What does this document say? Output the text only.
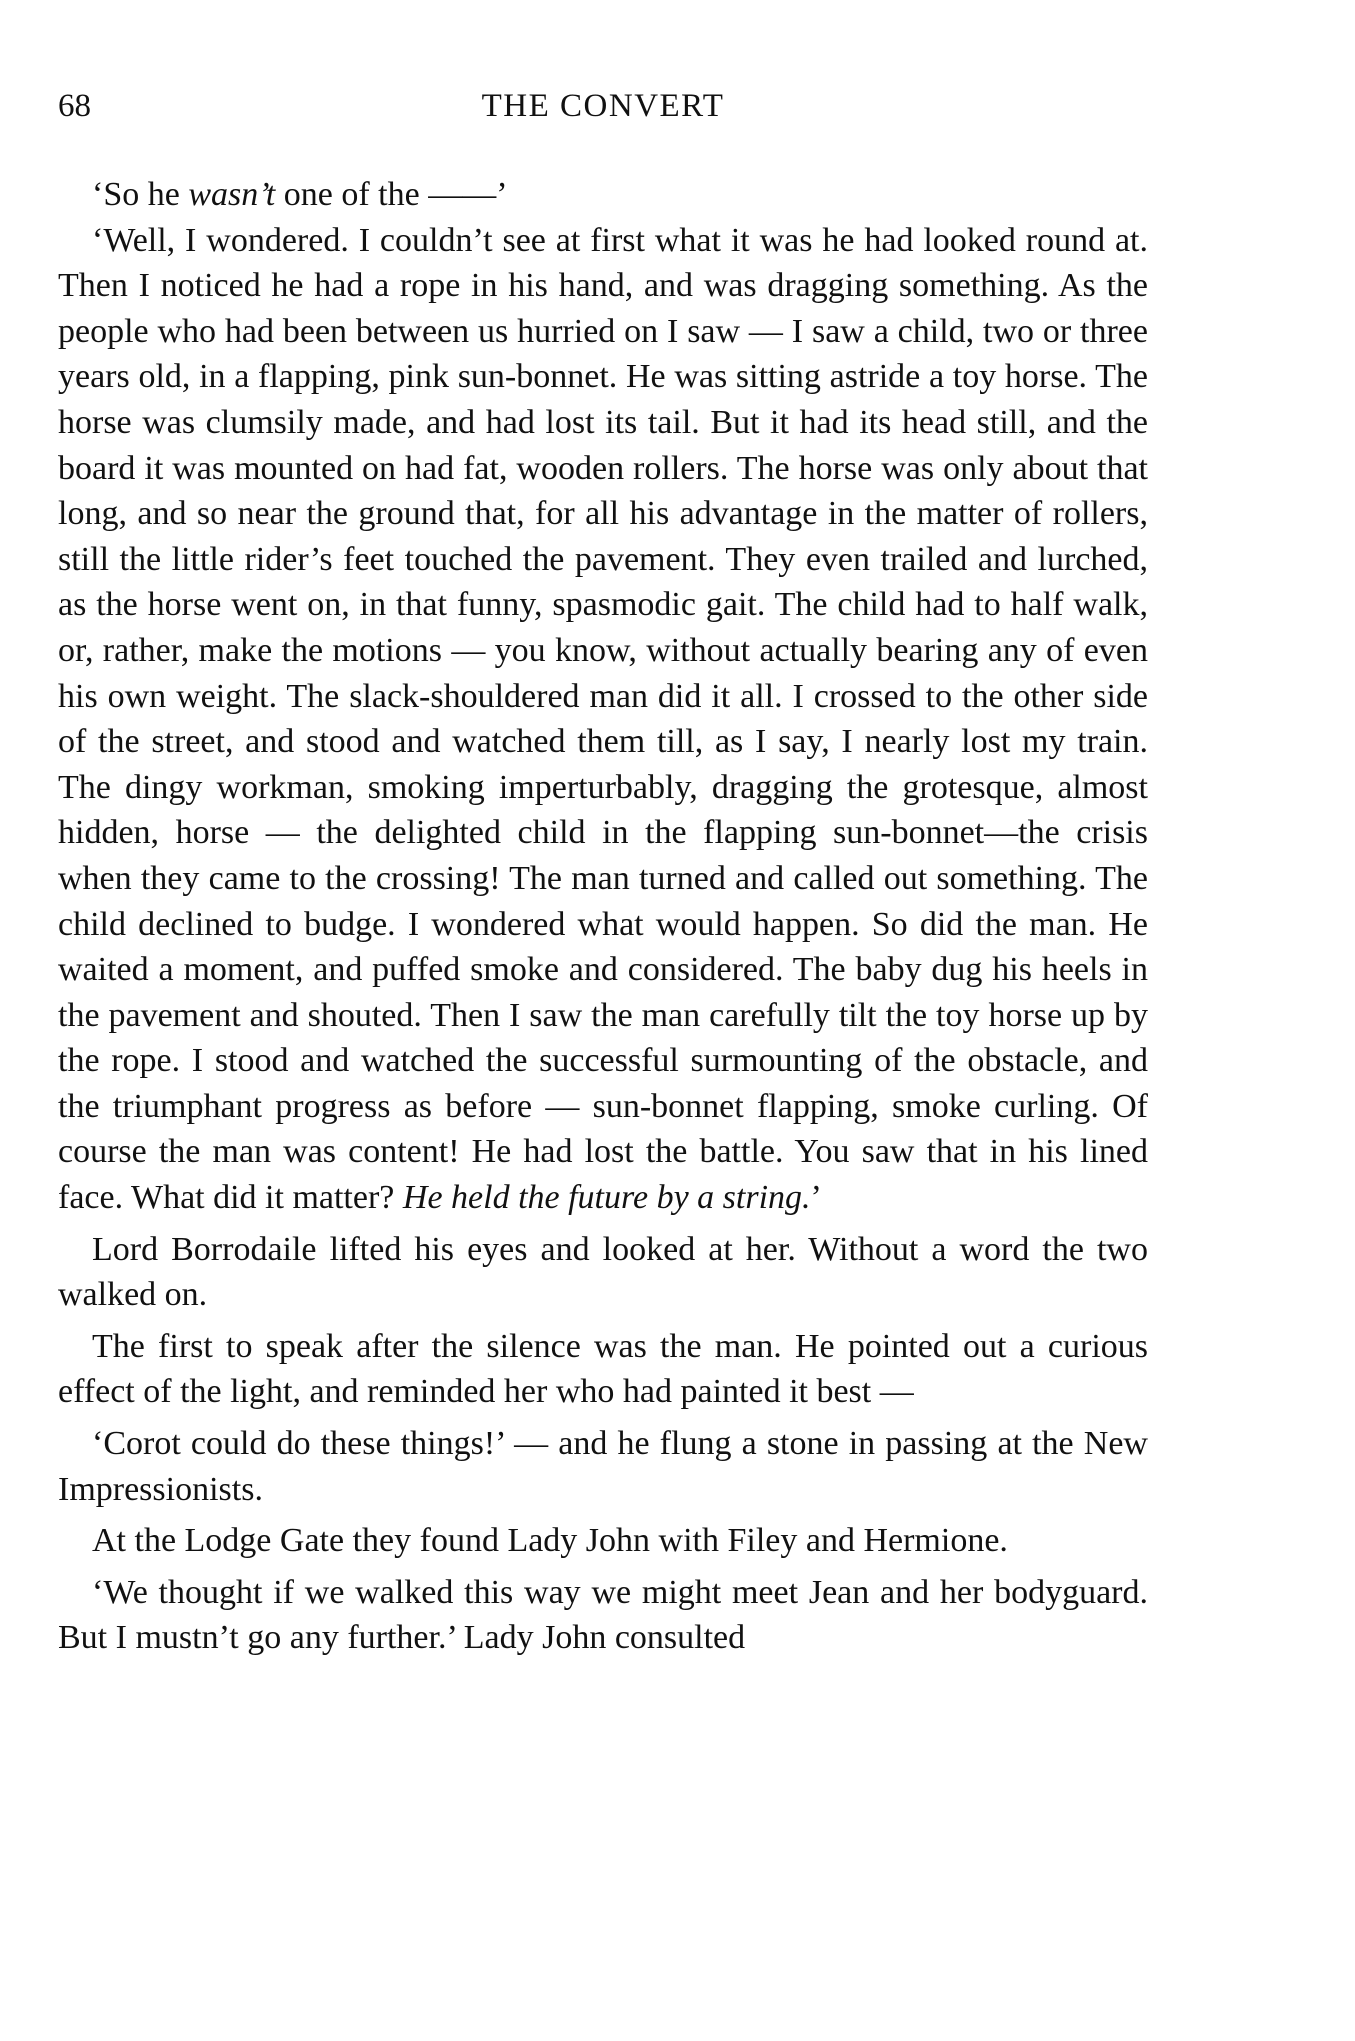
68	THE CONVERT

‘So he wasn’t one of the ——’

‘Well, I wondered. I couldn’t see at first what it was he had looked round at. Then I noticed he had a rope in his hand, and was dragging something. As the people who had been between us hurried on I saw — I saw a child, two or three years old, in a flapping, pink sun-bonnet. He was sitting astride a toy horse. The horse was clumsily made, and had lost its tail. But it had its head still, and the board it was mounted on had fat, wooden rollers. The horse was only about that long, and so near the ground that, for all his advantage in the matter of rollers, still the little rider’s feet touched the pavement. They even trailed and lurched, as the horse went on, in that funny, spasmodic gait. The child had to half walk, or, rather, make the motions — you know, without actually bearing any of even his own weight. The slack-shouldered man did it all. I crossed to the other side of the street, and stood and watched them till, as I say, I nearly lost my train. The dingy workman, smoking imperturbably, dragging the grotesque, almost hidden, horse — the delighted child in the flapping sun-bonnet—the crisis when they came to the crossing! The man turned and called out something. The child declined to budge. I wondered what would happen. So did the man. He waited a moment, and puffed smoke and considered. The baby dug his heels in the pavement and shouted. Then I saw the man carefully tilt the toy horse up by the rope. I stood and watched the successful surmounting of the obstacle, and the triumphant progress as before — sun-bonnet flapping, smoke curling. Of course the man was content! He had lost the battle. You saw that in his lined face. What did it matter? He held the future by a string.’

Lord Borrodaile lifted his eyes and looked at her. Without a word the two walked on.

The first to speak after the silence was the man. He pointed out a curious effect of the light, and reminded her who had painted it best —

‘Corot could do these things!’ — and he flung a stone in passing at the New Impressionists.

At the Lodge Gate they found Lady John with Filey and Hermione.

‘We thought if we walked this way we might meet Jean and her bodyguard. But I mustn’t go any further.’ Lady John consulted
